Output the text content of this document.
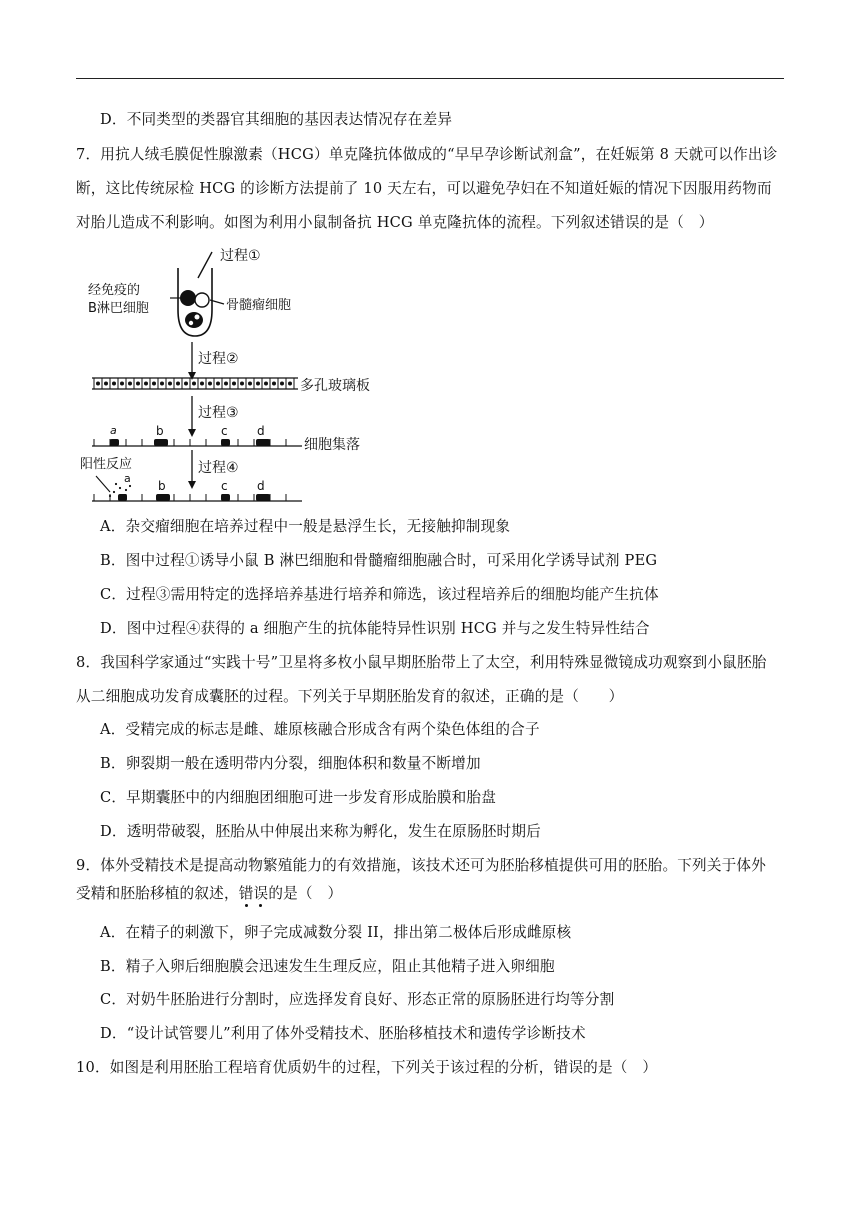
D．不同类型的类器官其细胞的基因表达情况存在差异
7．用抗人绒毛膜促性腺激素（HCG）单克隆抗体做成的“早早孕诊断试剂盒”，在妊娠第 8 天就可以作出诊
断，这比传统尿检 HCG 的诊断方法提前了 10 天左右，可以避免孕妇在不知道妊娠的情况下因服用药物而
对胎儿造成不利影响。如图为利用小鼠制备抗 HCG 单克隆抗体的流程。下列叙述错误的是（　）
过程①
经免疫的
B淋巴细胞	骨髓瘤细胞
过程②
多孔玻璃板
过程③
a	b	c d
细胞集落
过程④
阳性反应
a
b	c d
A．杂交瘤细胞在培养过程中一般是悬浮生长，无接触抑制现象
B．图中过程①诱导小鼠 B 淋巴细胞和骨髓瘤细胞融合时，可采用化学诱导试剂 PEG
C．过程③需用特定的选择培养基进行培养和筛选，该过程培养后的细胞均能产生抗体
D．图中过程④获得的 a 细胞产生的抗体能特异性识别 HCG 并与之发生特异性结合
8．我国科学家通过“实践十号”卫星将多枚小鼠早期胚胎带上了太空，利用特殊显微镜成功观察到小鼠胚胎
从二细胞成功发育成囊胚的过程。下列关于早期胚胎发育的叙述，正确的是（　　）
A．受精完成的标志是雌、雄原核融合形成含有两个染色体组的合子
B．卵裂期一般在透明带内分裂，细胞体积和数量不断增加
C．早期囊胚中的内细胞团细胞可进一步发育形成胎膜和胎盘
D．透明带破裂，胚胎从中伸展出来称为孵化，发生在原肠胚时期后
9．体外受精技术是提高动物繁殖能力的有效措施，该技术还可为胚胎移植提供可用的胚胎。下列关于体外
受精和胚胎移植的叙述，错误的是（　）
A．在精子的刺激下，卵子完成减数分裂 II，排出第二极体后形成雌原核
B．精子入卵后细胞膜会迅速发生生理反应，阻止其他精子进入卵细胞
C．对奶牛胚胎进行分割时，应选择发育良好、形态正常的原肠胚进行均等分割
D．“设计试管婴儿”利用了体外受精技术、胚胎移植技术和遗传学诊断技术
10．如图是利用胚胎工程培育优质奶牛的过程，下列关于该过程的分析，错误的是（　）
